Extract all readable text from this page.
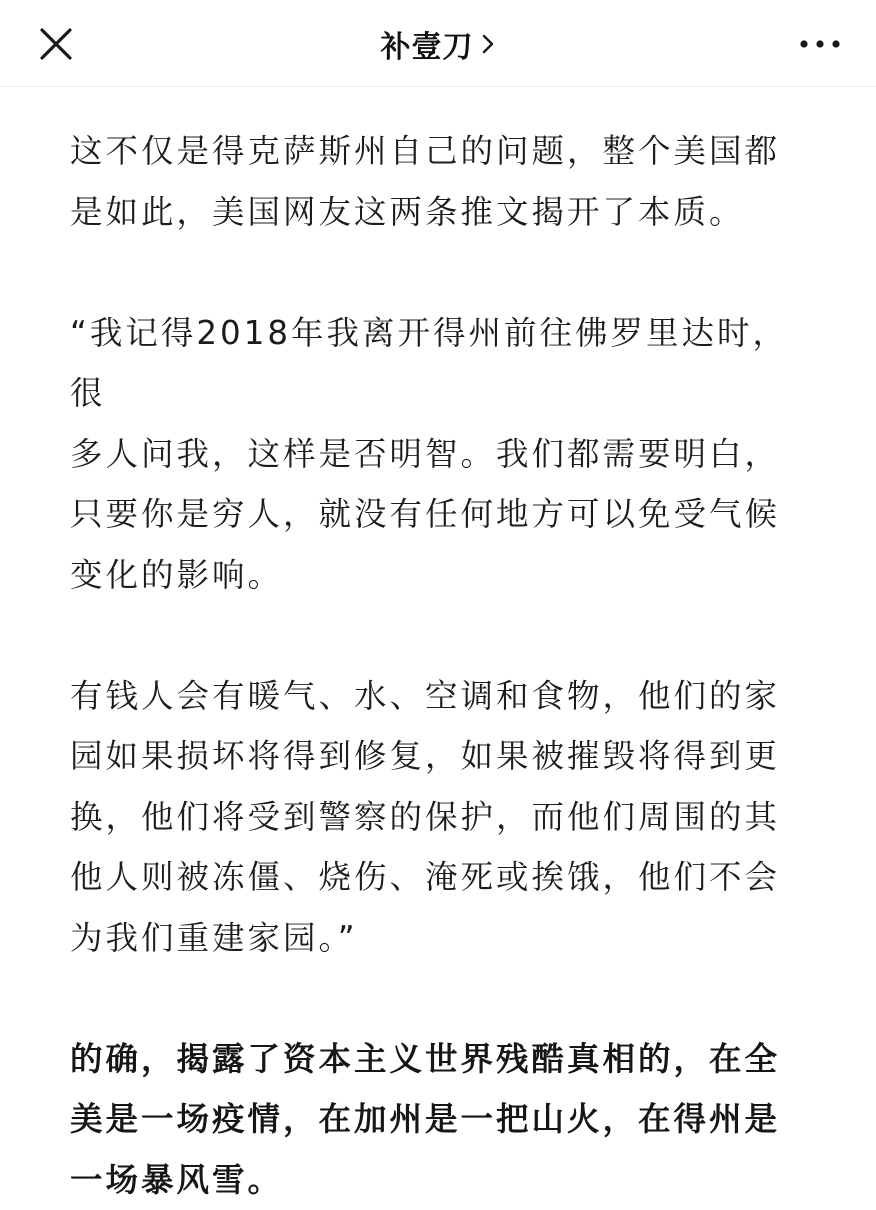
补壹刀

这不仅是得克萨斯州自己的问题，整个美国都
是如此，美国网友这两条推文揭开了本质。

“我记得2018年我离开得州前往佛罗里达时，很
多人问我，这样是否明智。我们都需要明白，
只要你是穷人，就没有任何地方可以免受气候
变化的影响。

有钱人会有暖气、水、空调和食物，他们的家
园如果损坏将得到修复，如果被摧毁将得到更
换，他们将受到警察的保护，而他们周围的其
他人则被冻僵、烧伤、淹死或挨饿，他们不会
为我们重建家园。”

的确，揭露了资本主义世界残酷真相的，在全
美是一场疫情，在加州是一把山火，在得州是
一场暴风雪。
